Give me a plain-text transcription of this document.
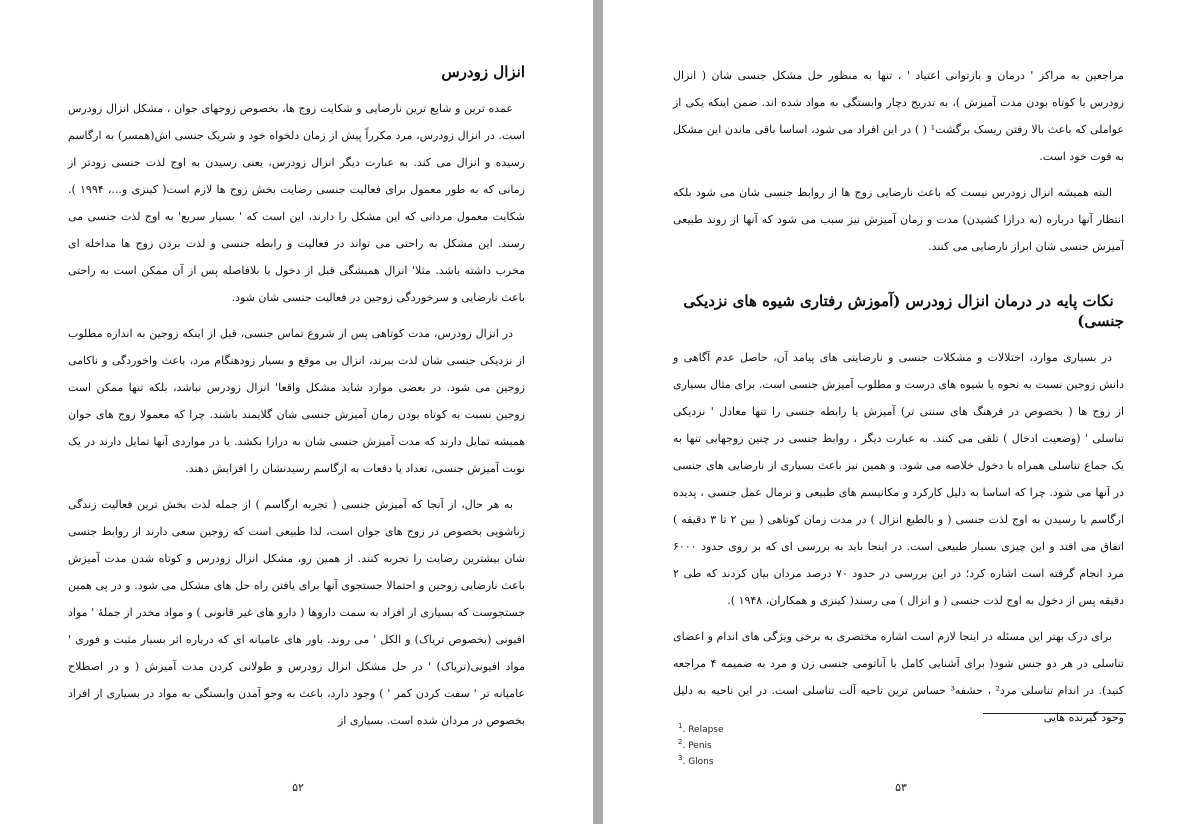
انزال زودرس

عمده ترین و شایع ترین نارضایی و شکایت زوج ها، بخصوص زوجهای جوان ، مشکل انزال زودرس است. در انزال زودرس، مرد مکرراً پیش از زمان دلخواه خود و شریک جنسی اش(همسر) به ارگاسم رسیده و انزال می کند. به عبارت دیگر انزال زودرس، یعنی رسیدن به اوج لذت جنسی زودتر از زمانی که به طور معمول برای فعالیت جنسی رضایت بخش زوج ها لازم است( کینزی و...، ۱۹۹۴ ). شکایت معمول مردانی که این مشکل را دارند، این است که ' بسیار سریع' به اوج لذت جنسی می رسند. این مشکل به راحتی می تواند در فعالیت و رابطه جنسی و لذت بردن زوج ها مداخله ای مخرب داشته باشد. مثلا' انزال همیشگی قبل از دخول یا بلافاصله پس از آن ممکن است به راحتی باعث نارضایی و سرخوردگی زوجین در فعالیت جنسی شان شود.

در انزال زودرس، مدت کوتاهی پس از شروع تماس جنسی، قبل از اینکه زوجین به اندازه مطلوب از نزدیکی جنسی شان لذت ببرند، انزال بی موقع و بسیار زودهنگام مرد، باعث واخوردگی و ناکامی زوجین می شود. در بعضی موارد شاید مشکل واقعا' انزال زودرس نباشد، بلکه تنها ممکن است زوجین نسبت به کوتاه بودن زمان آمیزش جنسی شان گلایمند باشند. چرا که معمولا زوج های جوان همیشه تمایل دارند که مدت آمیزش جنسی شان به درازا بکشد. یا در مواردی آنها تمایل دارند در یک نوبت آمیزش جنسی، تعداد یا دفعات به ارگاسم رسیدنشان را افزایش دهند.

به هر حال، از آنجا که آمیزش جنسی ( تجربه ارگاسم ) از جمله لذت بخش ترین فعالیت زندگی زناشویی بخصوص در زوج های جوان است، لذا طبیعی است که زوجین سعی دارند از روابط جنسی شان بیشترین رضایت را تجربه کنند. از همین رو، مشکل انزال زودرس و کوتاه شدن مدت آمیزش باعث نارضایی زوجین و احتمالا جستجوی آنها برای یافتن راه حل های مشکل می شود. و در پی همین جستجوست که بسیاری از افراد به سمت داروها ( دارو های غیر قانونی ) و مواد مخدر از جملهٔ ' مواد افیونی (بخصوص تریاک) و الکل ' می روند. باور های عامیانه ای که درباره اثر بسیار مثبت و فوری ' مواد افیونی(تریاک) ' در حل مشکل انزال زودرس و طولانی کردن مدت آمیزش ( و در اصطلاح عامیانه تر ' سفت کردن کمر ' ) وجود دارد، باعث به وجو آمدن وابستگی به مواد در بسیاری از افراد بخصوص در مردان شده است. بسیاری از

۵۲

مراجعین به مراکز ' درمان و بازتوانی اعتیاد ' ، تنها به منظور حل مشکل جنسی شان ( انزال زودرس یا کوتاه بودن مدت آمیزش )، به تدریج دچار وابستگی به مواد شده اند. ضمن اینکه یکی از عواملی که باعث بالا رفتن ریسک برگشت¹ ( ) در این افراد می شود، اساسا باقی ماندن این مشکل به قوت خود است.

البته همیشه انزال زودرس نیست که باعث نارضایی زوج ها از روابط جنسی شان می شود بلکه انتظار آنها درباره (به درازا کشیدن) مدت و زمان آمیزش نیز سبب می شود که آنها از روند طبیعی آمیزش جنسی شان ابراز نارضایی می کنند.

نکات پایه در درمان انزال زودرس (آموزش رفتاری شیوه های نزدیکی جنسی)

در بسیاری موارد، اختلالات و مشکلات جنسی و نارضایتی های پیامد آن، حاصل عدم آگاهی و دانش زوجین نسبت به نحوه یا شیوه های درست و مطلوب آمیزش جنسی است. برای مثال بسیاری از زوج ها ( بخصوص در فرهنگ های سنتی تر) آمیزش یا رابطه جنسی را تنها معادل ' نزدیکی تناسلی ' (وضعیت ادخال ) تلقی می کنند. به عبارت دیگر ، روابط جنسی در چنین زوجهایی تنها به یک جماع تناسلی همراه با دخول خلاصه می شود. و همین نیز باعث بسیاری از نارضایی های جنسی در آنها می شود. چرا که اساسا به دلیل کارکرد و مکانیسم های طبیعی و نرمال عمل جنسی ، پدیده ارگاسم یا رسیدن به اوج لذت جنسی ( و بالطبع انزال ) در مدت زمان کوتاهی ( بین ۲ تا ۳ دقیقه ) اتفاق می افتد و این چیزی بسیار طبیعی است. در اینجا باید به بررسی ای که بر روی حدود ۶۰۰۰ مرد انجام گرفته است اشاره کرد؛ در این بررسی در حدود ۷۰ درصد مردان بیان کردند که طی ۲ دقیقه پس از دخول به اوج لذت جنسی ( و انزال ) می رسند( کینزی و همکاران، ۱۹۴۸ ).

برای درک بهتر این مسئله در اینجا لازم است اشاره مختصری به برخی ویژگی های اندام و اعضای تناسلی در هر دو جنس شود( برای آشنایی کامل با آناتومی جنسی زن و مرد به ضمیمه ۴ مراجعه کنید). در اندام تناسلی مرد² ، حشفه³ حساس ترین ناحیه آلت تناسلی است. در این ناحیه به دلیل وجود گیرنده هایی

$^1$. Relapse
$^2$. Penis
$^3$. Glons
۵۳
